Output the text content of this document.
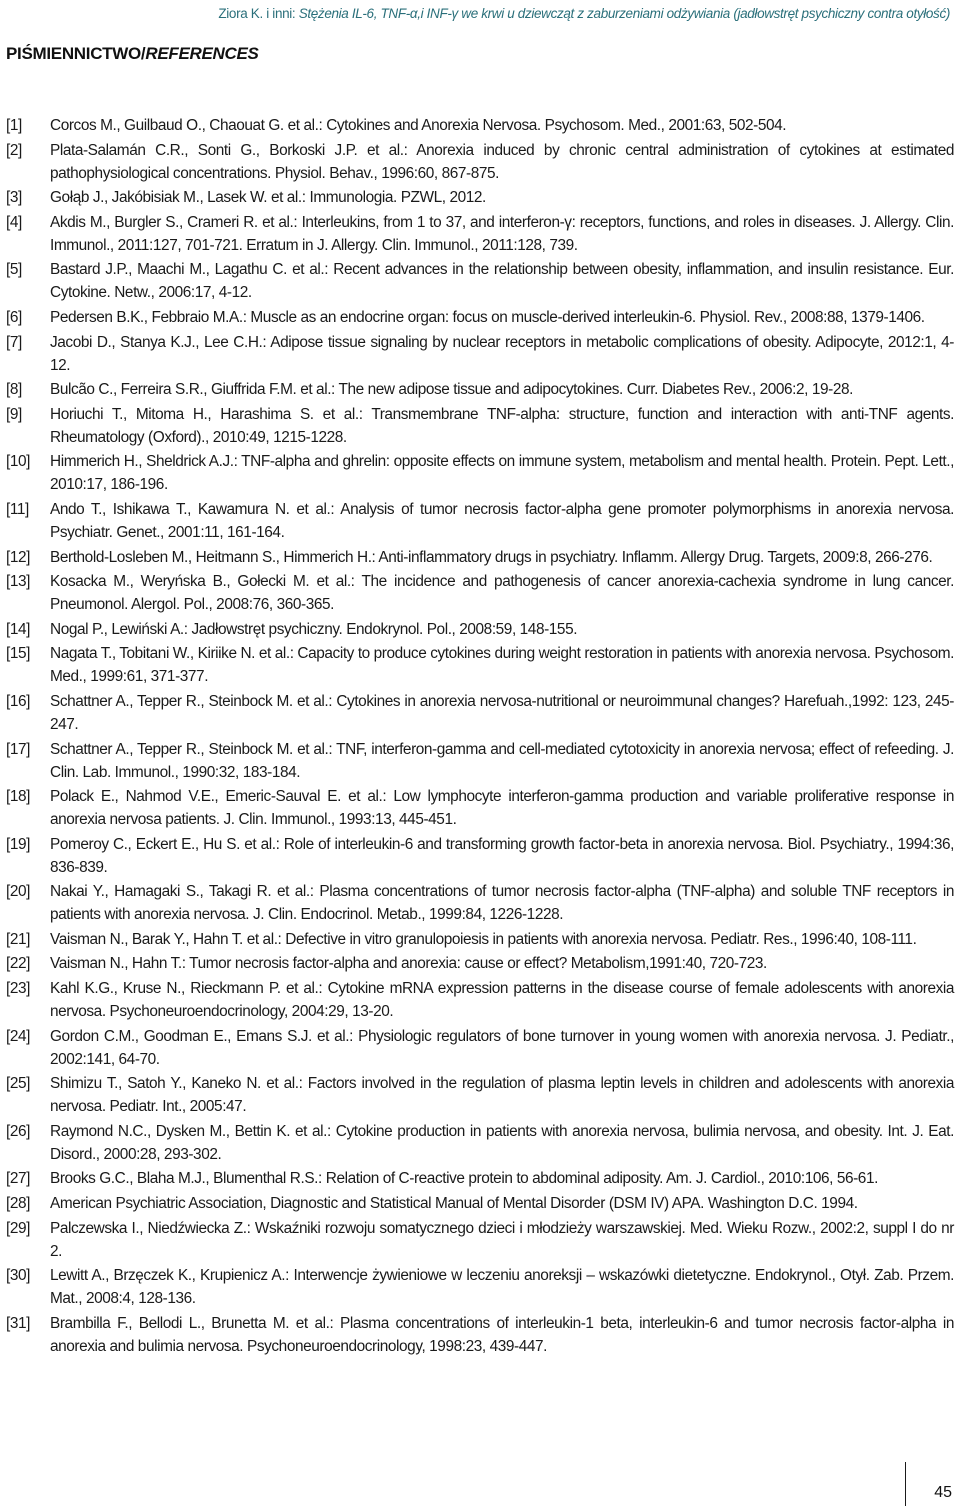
Ziora K. i inni: Stężenia IL-6, TNF-α,i INF-γ we krwi u dziewcząt z zaburzeniami odżywiania (jadłowstręt psychiczny contra otyłość)
PIŚMIENNICTWO/REFERENCES
[1] Corcos M., Guilbaud O., Chaouat G. et al.: Cytokines and Anorexia Nervosa. Psychosom. Med., 2001:63, 502-504.
[2] Plata-Salamán C.R., Sonti G., Borkoski J.P. et al.: Anorexia induced by chronic central administration of cytokines at estimated pathophysiological concentrations. Physiol. Behav., 1996:60, 867-875.
[3] Gołąb J., Jakóbisiak M., Lasek W. et al.: Immunologia. PZWL, 2012.
[4] Akdis M., Burgler S., Crameri R. et al.: Interleukins, from 1 to 37, and interferon-γ: receptors, functions, and roles in diseases. J. Allergy. Clin. Immunol., 2011:127, 701-721. Erratum in J. Allergy. Clin. Immunol., 2011:128, 739.
[5] Bastard J.P., Maachi M., Lagathu C. et al.: Recent advances in the relationship between obesity, inflammation, and insulin resistance. Eur. Cytokine. Netw., 2006:17, 4-12.
[6] Pedersen B.K., Febbraio M.A.: Muscle as an endocrine organ: focus on muscle-derived interleukin-6. Physiol. Rev., 2008:88, 1379-1406.
[7] Jacobi D., Stanya K.J., Lee C.H.: Adipose tissue signaling by nuclear receptors in metabolic complications of obesity. Adipocyte, 2012:1, 4-12.
[8] Bulcão C., Ferreira S.R., Giuffrida F.M. et al.: The new adipose tissue and adipocytokines. Curr. Diabetes Rev., 2006:2, 19-28.
[9] Horiuchi T., Mitoma H., Harashima S. et al.: Transmembrane TNF-alpha: structure, function and interaction with anti-TNF agents. Rheumatology (Oxford)., 2010:49, 1215-1228.
[10] Himmerich H., Sheldrick A.J.: TNF-alpha and ghrelin: opposite effects on immune system, metabolism and mental health. Protein. Pept. Lett., 2010:17, 186-196.
[11] Ando T., Ishikawa T., Kawamura N. et al.: Analysis of tumor necrosis factor-alpha gene promoter polymorphisms in anorexia nervosa. Psychiatr. Genet., 2001:11, 161-164.
[12] Berthold-Losleben M., Heitmann S., Himmerich H.: Anti-inflammatory drugs in psychiatry. Inflamm. Allergy Drug. Targets, 2009:8, 266-276.
[13] Kosacka M., Weryńska B., Gołecki M. et al.: The incidence and pathogenesis of cancer anorexia-cachexia syndrome in lung cancer. Pneumonol. Alergol. Pol., 2008:76, 360-365.
[14] Nogal P., Lewiński A.: Jadłowstręt psychiczny. Endokrynol. Pol., 2008:59, 148-155.
[15] Nagata T., Tobitani W., Kiriike N. et al.: Capacity to produce cytokines during weight restoration in patients with anorexia nervosa. Psychosom. Med., 1999:61, 371-377.
[16] Schattner A., Tepper R., Steinbock M. et al.: Cytokines in anorexia nervosa-nutritional or neuroimmunal changes? Harefuah.,1992: 123, 245-247.
[17] Schattner A., Tepper R., Steinbock M. et al.: TNF, interferon-gamma and cell-mediated cytotoxicity in anorexia nervosa; effect of refeeding. J. Clin. Lab. Immunol., 1990:32, 183-184.
[18] Polack E., Nahmod V.E., Emeric-Sauval E. et al.: Low lymphocyte interferon-gamma production and variable proliferative response in anorexia nervosa patients. J. Clin. Immunol., 1993:13, 445-451.
[19] Pomeroy C., Eckert E., Hu S. et al.: Role of interleukin-6 and transforming growth factor-beta in anorexia nervosa. Biol. Psychiatry., 1994:36, 836-839.
[20] Nakai Y., Hamagaki S., Takagi R. et al.: Plasma concentrations of tumor necrosis factor-alpha (TNF-alpha) and soluble TNF receptors in patients with anorexia nervosa. J. Clin. Endocrinol. Metab., 1999:84, 1226-1228.
[21] Vaisman N., Barak Y., Hahn T. et al.: Defective in vitro granulopoiesis in patients with anorexia nervosa. Pediatr. Res., 1996:40, 108-111.
[22] Vaisman N., Hahn T.: Tumor necrosis factor-alpha and anorexia: cause or effect? Metabolism,1991:40, 720-723.
[23] Kahl K.G., Kruse N., Rieckmann P. et al.: Cytokine mRNA expression patterns in the disease course of female adolescents with anorexia nervosa. Psychoneuroendocrinology, 2004:29, 13-20.
[24] Gordon C.M., Goodman E., Emans S.J. et al.: Physiologic regulators of bone turnover in young women with anorexia nervosa. J. Pediatr., 2002:141, 64-70.
[25] Shimizu T., Satoh Y., Kaneko N. et al.: Factors involved in the regulation of plasma leptin levels in children and adolescents with anorexia nervosa. Pediatr. Int., 2005:47.
[26] Raymond N.C., Dysken M., Bettin K. et al.: Cytokine production in patients with anorexia nervosa, bulimia nervosa, and obesity. Int. J. Eat. Disord., 2000:28, 293-302.
[27] Brooks G.C., Blaha M.J., Blumenthal R.S.: Relation of C-reactive protein to abdominal adiposity. Am. J. Cardiol., 2010:106, 56-61.
[28] American Psychiatric Association, Diagnostic and Statistical Manual of Mental Disorder (DSM IV) APA. Washington D.C. 1994.
[29] Palczewska I., Niedźwiecka Z.: Wskaźniki rozwoju somatycznego dzieci i młodzieży warszawskiej. Med. Wieku Rozw., 2002:2, suppl I do nr 2.
[30] Lewitt A., Brzęczek K., Krupienicz A.: Interwencje żywieniowe w leczeniu anoreksji – wskazówki dietetyczne. Endokrynol., Otył. Zab. Przem. Mat., 2008:4, 128-136.
[31] Brambilla F., Bellodi L., Brunetta M. et al.: Plasma concentrations of interleukin-1 beta, interleukin-6 and tumor necrosis factor-alpha in anorexia and bulimia nervosa. Psychoneuroendocrinology, 1998:23, 439-447.
45
